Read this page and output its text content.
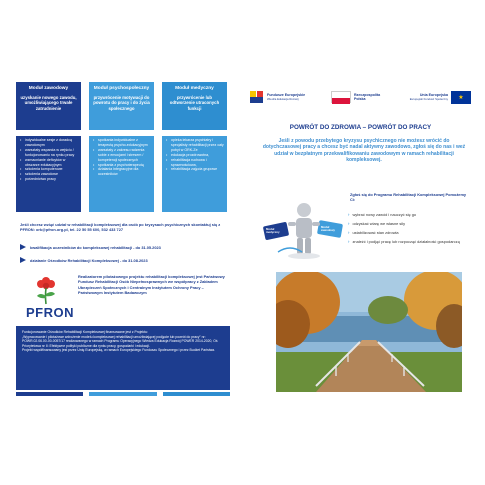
Moduł zawodowy
uzyskanie nowego zawodu, umożliwiającego trwałe zatrudnienie
• indywidualne sesje z doradcą zawodowym
• warsztaty wsparcia w wejściu / funkcjonowaniu na rynku pracy
• wzmacnianie deficytów w obszarze edukacyjnym
• szkolenia komputerowe
• szkolenia zawodowe
• pośrednictwo pracy
Moduł psychospołeczny
przywrócenie motywacji do powrotu do pracy i do życia społecznego
• spotkania indywidualne z terapeutą psycho-edukacyjnym
• warsztaty z zakresu radzenia sobie z emocjami i stresem / kompetencji społecznych
• spotkania z psychoterapeutą
• działania integracyjne dla uczestników
Moduł medyczny
przywrócenie lub odtworzenie utraconych funkcji
• opieka lekarza psychiatry i specjalisty rehabilitacji przez cały pobyt w ORK-Ze
• edukacja prozdrowotna,
• rehabilitacja ruchowa i sprawnościowa,
• rehabilitacja zajęcia grupowe
Jeśli chcesz wziąć udział w rehabilitacji kompleksowej dla osób po kryzysach psychicznych skontaktuj się z PFRON: ork@pfron.org.pl, tel. 22 50 55 600, 532 433 727
kwalifikacja uczestników do kompleksowej rehabilitacji - do 31.05.2023
działanie Ośrodków Rehabilitacji Kompleksowej - do 31.08.2023
PFRON
Realizatorem pilotażowego projektu rehabilitacji kompleksowej jest Państwowy Fundusz Rehabilitacji Osób Niepełnosprawnych we współpracy z Zakładem Ubezpieczeń Społecznych i Centralnym Instytutem Ochrony Pracy – Państwowym Instytutem Badawczym

Funkcjonowanie Ośrodków Rehabilitacji Kompleksowej finansowane jest z Projektu:

„Wypracowanie i pilotażowe wdrożenie modelu kompleksowej rehabilitacji umożliwiającej podjęcie lub powrót do pracy” nr: POWR.02.06.00-00-0057/17 realizowanego w ramach Programu Operacyjnego Wiedza Edukacja Rozwój POWER 2014-2020, Oś Priorytetowa nr II: Efektywne polityki publiczne dla rynku pracy, gospodarki i edukacji.

Projekt współfinansowany jest przez Unię Europejską, w ramach Europejskiego Funduszu Społecznego i przez Budżet Państwa.

Fundusze Europejskie
Wiedza Edukacja Rozwój
Rzeczpospolita Polska
Unia Europejska
Europejski Fundusz Społeczny	★
POWRÓT DO ZDROWIA – POWRÓT DO PRACY
Jeśli z powodu przebytego kryzysu psychicznego nie możesz wrócić do dotychczasowej pracy a chcesz być nadal aktywny zawodowo, zgłoś się do nas i weź udział w bezpłatnym przekwalifikowaniu zawodowym w ramach rehabilitacji kompleksowej.
Moduł medyczny
Moduł zawodowy
Zgłoś się do Programu Rehabilitacji Kompleksowej Pomożemy Ci:
› wybrać nowy zawód i nauczyć się go
› odzyskać wiarę we własne siły
› ustabilizować stan zdrowia
› znaleźć i podjąć pracę lub rozpocząć działalność gospodarczą
